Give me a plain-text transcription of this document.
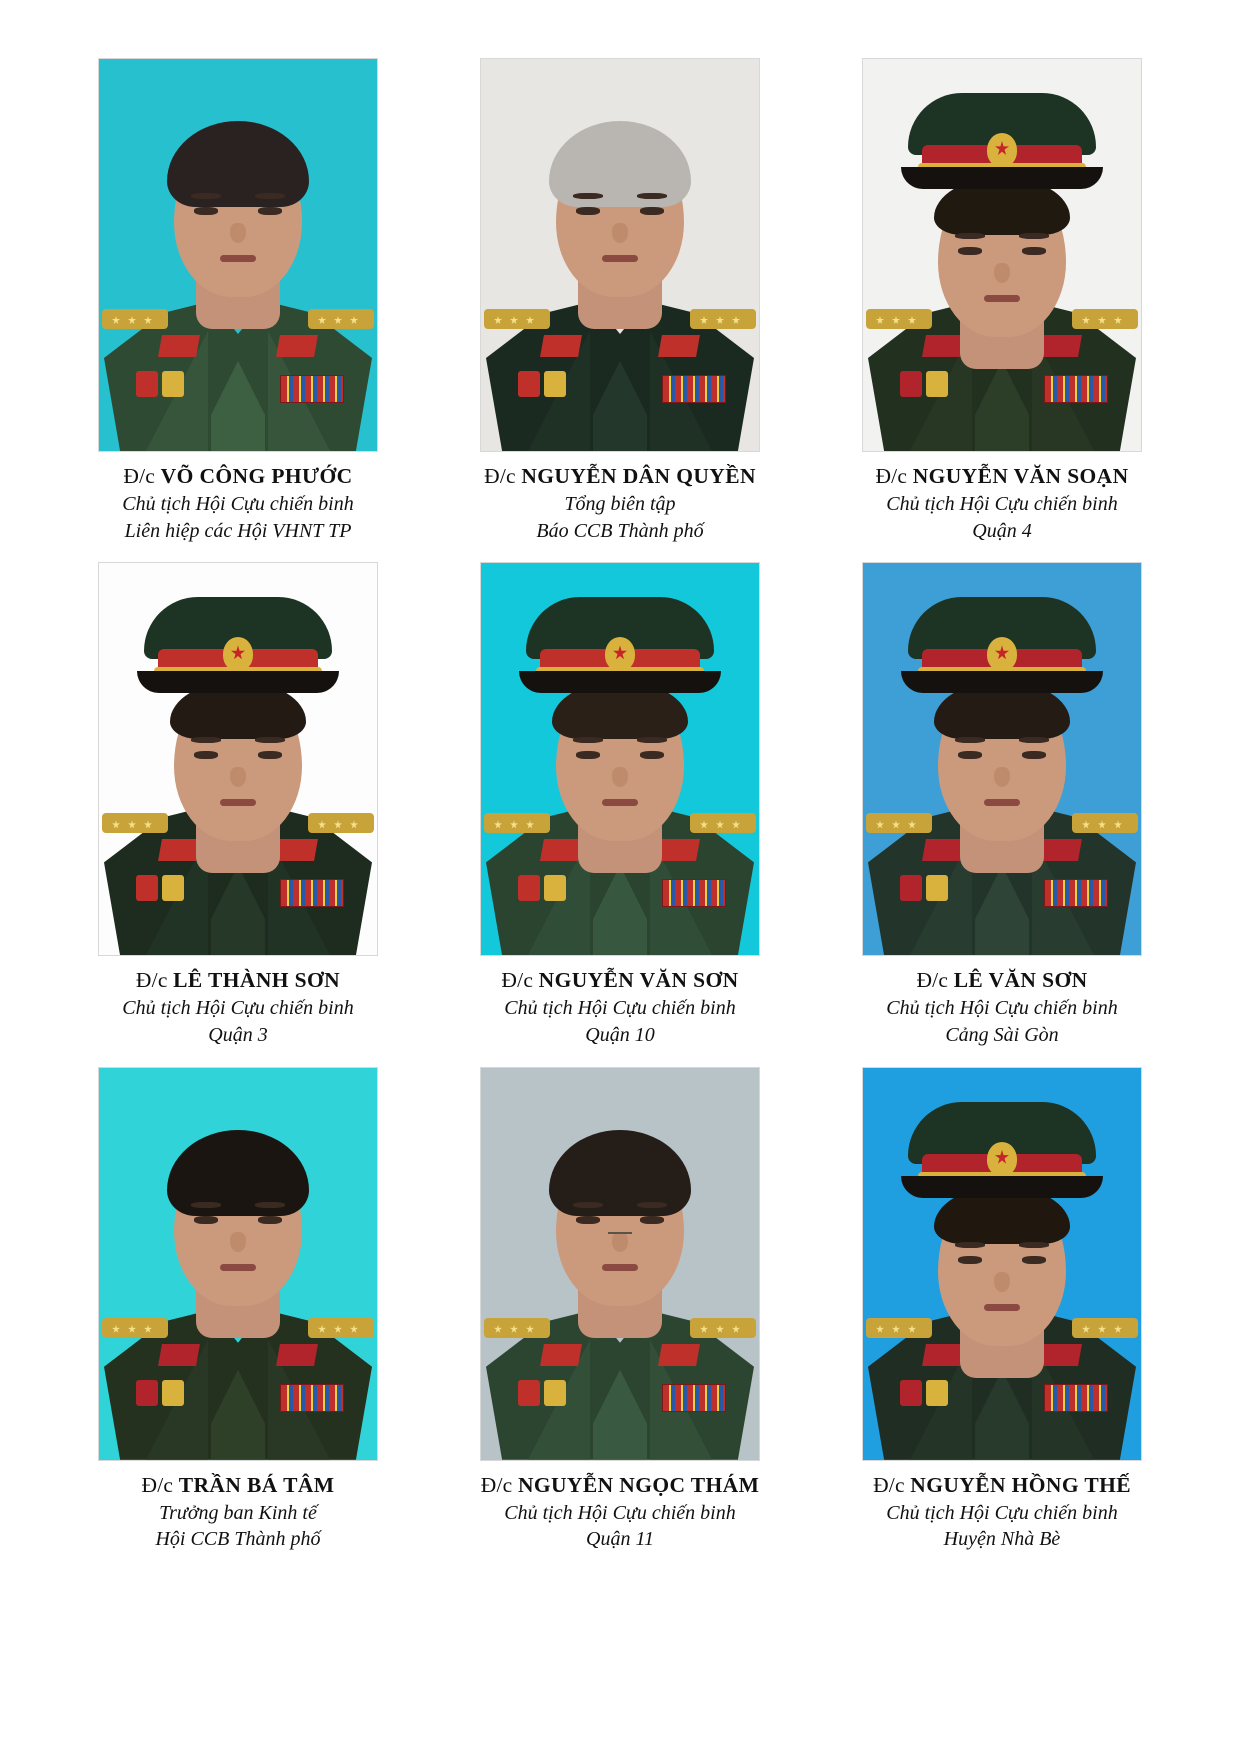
Đ/c VÕ CÔNG PHƯỚC
Chủ tịch Hội Cựu chiến binh
Liên hiệp các Hội VHNT TP
Đ/c NGUYỄN DÂN QUYỀN
Tổng biên tập
Báo CCB Thành phố
Đ/c NGUYỄN VĂN SOẠN
Chủ tịch Hội Cựu chiến binh
Quận 4
Đ/c LÊ THÀNH SƠN
Chủ tịch Hội Cựu chiến binh
Quận 3
Đ/c NGUYỄN VĂN SƠN
Chủ tịch Hội Cựu chiến binh
Quận 10
Đ/c LÊ VĂN SƠN
Chủ tịch Hội Cựu chiến binh
Cảng Sài Gòn
Đ/c TRẦN BÁ TÂM
Trưởng ban Kinh tế
Hội CCB Thành phố
Đ/c NGUYỄN NGỌC THÁM
Chủ tịch Hội Cựu chiến binh
Quận 11
Đ/c NGUYỄN HỒNG THẾ
Chủ tịch Hội Cựu chiến binh
Huyện Nhà Bè
